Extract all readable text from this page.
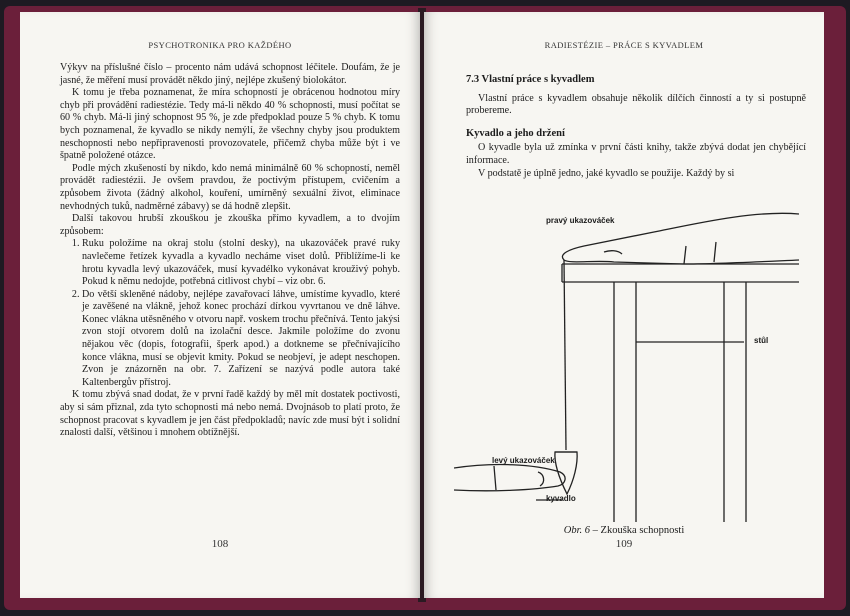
PSYCHOTRONIKA PRO KAŽDÉHO

Výkyv na příslušné číslo – procento nám udává schopnost léčitele. Doufám, že je jasné, že měření musí provádět někdo jiný, nejlépe zkušený biolokátor.

K tomu je třeba poznamenat, že míra schopností je obrácenou hodnotou míry chyb při provádění radiestézie. Tedy má-li někdo 40 % schopnosti, musí počítat se 60 % chyb. Má-li jiný schopnost 95 %, je zde předpoklad pouze 5 % chyb. K tomu bych poznamenal, že kyvadlo se nikdy nemýlí, že všechny chyby jsou produktem neschopnosti nebo nepřipravenosti provozovatele, přičemž chyba může být i ve špatně položené otázce.

Podle mých zkušeností by nikdo, kdo nemá minimálně 60 % schopností, neměl provádět radiestézii. Je ovšem pravdou, že poctivým přístupem, cvičením a způsobem života (žádný alkohol, kouření, umírněný sexuální život, eliminace nevhodných tuků, nadměrné zábavy) se dá hodně zlepšit.

Další takovou hrubší zkouškou je zkouška přímo kyvadlem, a to dvojím způsobem:

1. Ruku položíme na okraj stolu (stolní desky), na ukazováček pravé ruky navlečeme řetízek kyvadla a kyvadlo necháme viset dolů. Přiblížíme-li ke hrotu kyvadla levý ukazováček, musí kyvadélko vykonávat krouživý pohyb. Pokud k němu nedojde, potřebná citlivost chybí – viz obr. 6.
2. Do větší skleněné nádoby, nejlépe zavařovací láhve, umístíme kyvadlo, které je zavěšené na vlákně, jehož konec prochází dírkou vyvrtanou ve dně láhve. Konec vlákna utěsněného v otvoru např. voskem trochu přečnívá. Tento jakýsi zvon stojí otvorem dolů na izolační desce. Jakmile položíme do zvonu nějakou věc (dopis, fotografii, šperk apod.) a dotkneme se přečnívajícího konce vlákna, musí se objevit kmity. Pokud se neobjeví, je adept neschopen. Zvon je znázorněn na obr. 7. Zařízení se nazývá podle autora také Kaltenbergův přístroj.

K tomu zbývá snad dodat, že v první řadě každý by měl mít dostatek poctivosti, aby si sám přiznal, zda tyto schopnosti má nebo nemá. Dvojnásob to platí proto, že schopnost pracovat s kyvadlem je jen část předpokladů; navíc zde musí být i solidní znalosti další, většinou i mnohem obtížnější.

108
RADIESTÉZIE – PRÁCE S KYVADLEM
7.3 Vlastní práce s kyvadlem

Vlastní práce s kyvadlem obsahuje několik dílčích činností a ty si postupně probereme.

Kyvadlo a jeho držení

O kyvadle byla už zmínka v první části knihy, takže zbývá dodat jen chybějící informace.

V podstatě je úplně jedno, jaké kyvadlo se použije. Každý by si

pravý ukazováček
stůl
levý ukazováček
kyvadlo
Obr. 6 – Zkouška schopnosti
109
